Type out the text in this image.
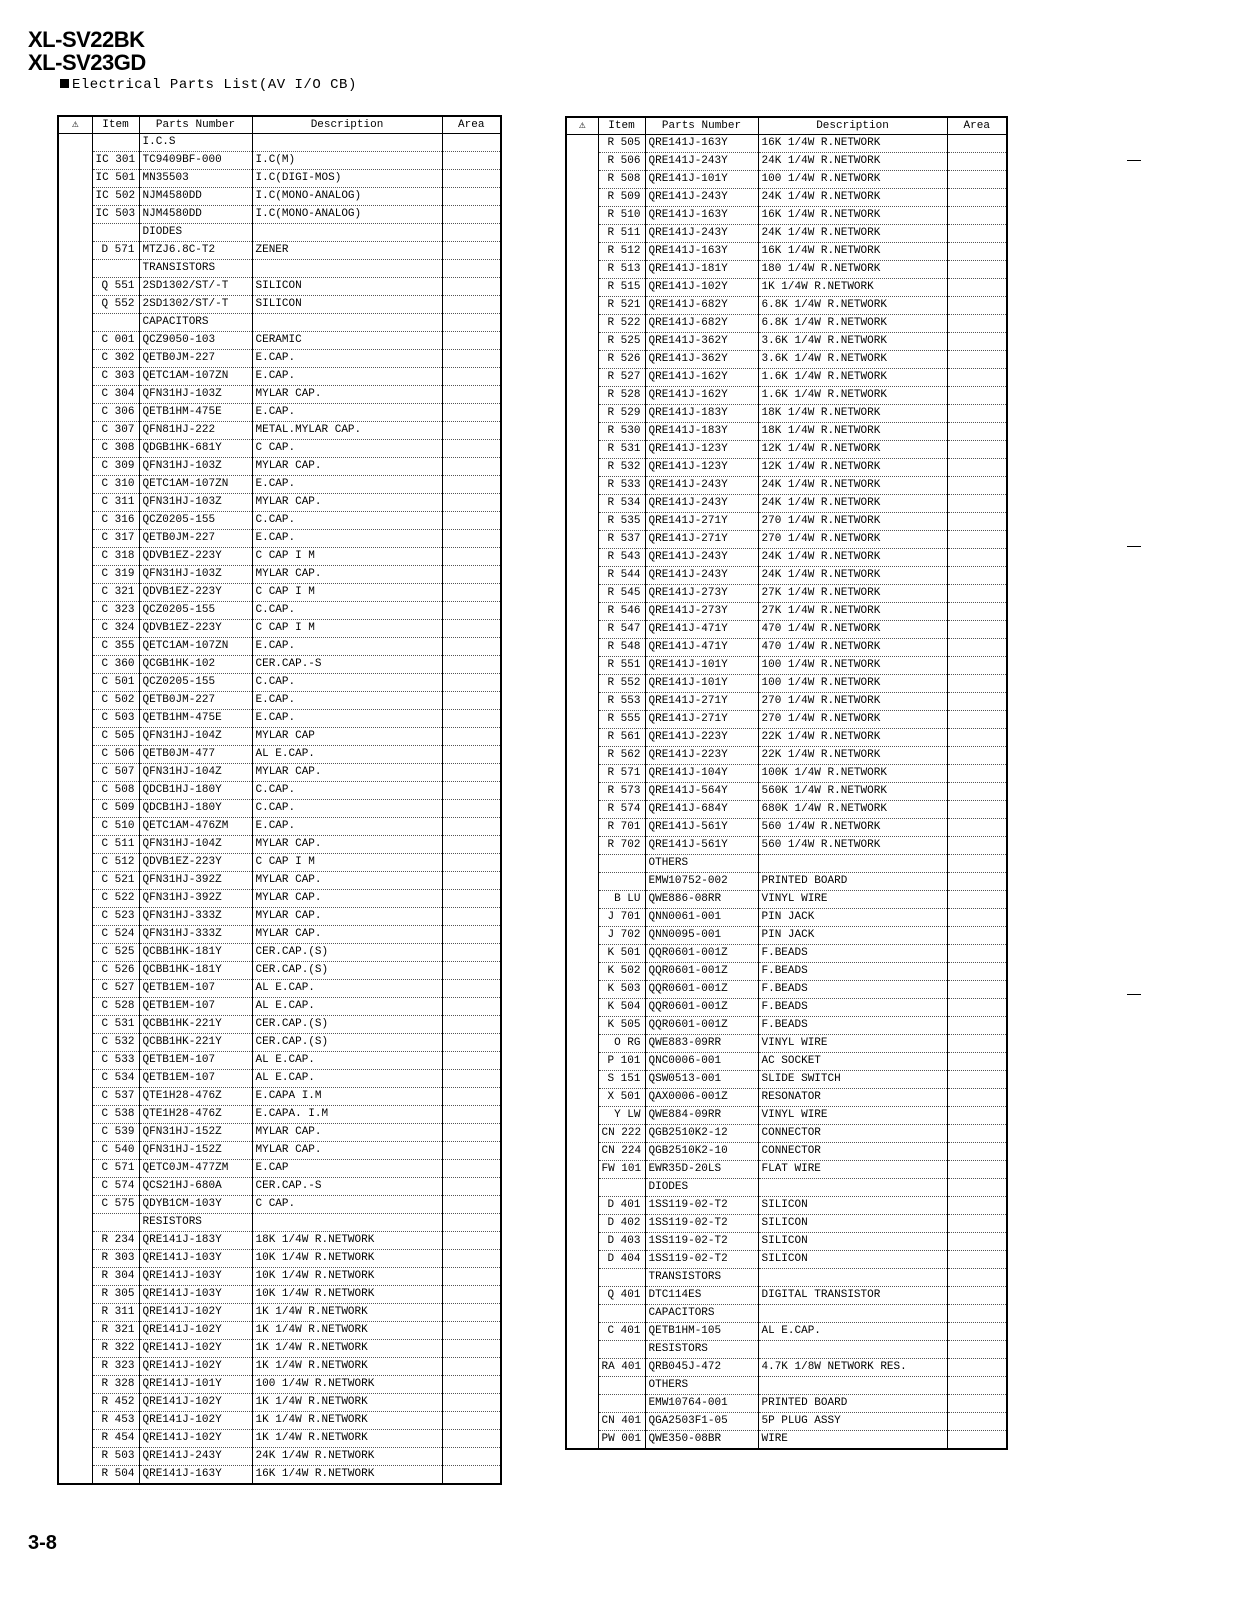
XL-SV22BK
XL-SV23GD
Electrical Parts List(AV I/O CB)
⚠	Item	Parts Number	Description	Area
		I.C.S		
	IC 301	TC9409BF-000	I.C(M)	
	IC 501	MN35503	I.C(DIGI-MOS)	
	IC 502	NJM4580DD	I.C(MONO-ANALOG)	
	IC 503	NJM4580DD	I.C(MONO-ANALOG)	
		DIODES		
	D 571	MTZJ6.8C-T2	ZENER	
		TRANSISTORS		
	Q 551	2SD1302/ST/-T	SILICON	
	Q 552	2SD1302/ST/-T	SILICON	
		CAPACITORS		
	C 001	QCZ9050-103	CERAMIC	
	C 302	QETB0JM-227	E.CAP.	
	C 303	QETC1AM-107ZN	E.CAP.	
	C 304	QFN31HJ-103Z	MYLAR CAP.	
	C 306	QETB1HM-475E	E.CAP.	
	C 307	QFN81HJ-222	METAL.MYLAR CAP.	
	C 308	QDGB1HK-681Y	C CAP.	
	C 309	QFN31HJ-103Z	MYLAR CAP.	
	C 310	QETC1AM-107ZN	E.CAP.	
	C 311	QFN31HJ-103Z	MYLAR CAP.	
	C 316	QCZ0205-155	C.CAP.	
	C 317	QETB0JM-227	E.CAP.	
	C 318	QDVB1EZ-223Y	C CAP I M	
	C 319	QFN31HJ-103Z	MYLAR CAP.	
	C 321	QDVB1EZ-223Y	C CAP I M	
	C 323	QCZ0205-155	C.CAP.	
	C 324	QDVB1EZ-223Y	C CAP I M	
	C 355	QETC1AM-107ZN	E.CAP.	
	C 360	QCGB1HK-102	CER.CAP.-S	
	C 501	QCZ0205-155	C.CAP.	
	C 502	QETB0JM-227	E.CAP.	
	C 503	QETB1HM-475E	E.CAP.	
	C 505	QFN31HJ-104Z	MYLAR CAP	
	C 506	QETB0JM-477	AL E.CAP.	
	C 507	QFN31HJ-104Z	MYLAR CAP.	
	C 508	QDCB1HJ-180Y	C.CAP.	
	C 509	QDCB1HJ-180Y	C.CAP.	
	C 510	QETC1AM-476ZM	E.CAP.	
	C 511	QFN31HJ-104Z	MYLAR CAP.	
	C 512	QDVB1EZ-223Y	C CAP I M	
	C 521	QFN31HJ-392Z	MYLAR CAP.	
	C 522	QFN31HJ-392Z	MYLAR CAP.	
	C 523	QFN31HJ-333Z	MYLAR CAP.	
	C 524	QFN31HJ-333Z	MYLAR CAP.	
	C 525	QCBB1HK-181Y	CER.CAP.(S)	
	C 526	QCBB1HK-181Y	CER.CAP.(S)	
	C 527	QETB1EM-107	AL E.CAP.	
	C 528	QETB1EM-107	AL E.CAP.	
	C 531	QCBB1HK-221Y	CER.CAP.(S)	
	C 532	QCBB1HK-221Y	CER.CAP.(S)	
	C 533	QETB1EM-107	AL E.CAP.	
	C 534	QETB1EM-107	AL E.CAP.	
	C 537	QTE1H28-476Z	E.CAPA I.M	
	C 538	QTE1H28-476Z	E.CAPA. I.M	
	C 539	QFN31HJ-152Z	MYLAR CAP.	
	C 540	QFN31HJ-152Z	MYLAR CAP.	
	C 571	QETC0JM-477ZM	E.CAP	
	C 574	QCS21HJ-680A	CER.CAP.-S	
	C 575	QDYB1CM-103Y	C CAP.	
		RESISTORS		
	R 234	QRE141J-183Y	18K 1/4W R.NETWORK	
	R 303	QRE141J-103Y	10K 1/4W R.NETWORK	
	R 304	QRE141J-103Y	10K 1/4W R.NETWORK	
	R 305	QRE141J-103Y	10K 1/4W R.NETWORK	
	R 311	QRE141J-102Y	1K 1/4W R.NETWORK	
	R 321	QRE141J-102Y	1K 1/4W R.NETWORK	
	R 322	QRE141J-102Y	1K 1/4W R.NETWORK	
	R 323	QRE141J-102Y	1K 1/4W R.NETWORK	
	R 328	QRE141J-101Y	100 1/4W R.NETWORK	
	R 452	QRE141J-102Y	1K 1/4W R.NETWORK	
	R 453	QRE141J-102Y	1K 1/4W R.NETWORK	
	R 454	QRE141J-102Y	1K 1/4W R.NETWORK	
	R 503	QRE141J-243Y	24K 1/4W R.NETWORK	
	R 504	QRE141J-163Y	16K 1/4W R.NETWORK	
⚠	Item	Parts Number	Description	Area
	R 505	QRE141J-163Y	16K 1/4W R.NETWORK	
	R 506	QRE141J-243Y	24K 1/4W R.NETWORK	
	R 508	QRE141J-101Y	100 1/4W R.NETWORK	
	R 509	QRE141J-243Y	24K 1/4W R.NETWORK	
	R 510	QRE141J-163Y	16K 1/4W R.NETWORK	
	R 511	QRE141J-243Y	24K 1/4W R.NETWORK	
	R 512	QRE141J-163Y	16K 1/4W R.NETWORK	
	R 513	QRE141J-181Y	180 1/4W R.NETWORK	
	R 515	QRE141J-102Y	1K 1/4W R.NETWORK	
	R 521	QRE141J-682Y	6.8K 1/4W R.NETWORK	
	R 522	QRE141J-682Y	6.8K 1/4W R.NETWORK	
	R 525	QRE141J-362Y	3.6K 1/4W R.NETWORK	
	R 526	QRE141J-362Y	3.6K 1/4W R.NETWORK	
	R 527	QRE141J-162Y	1.6K 1/4W R.NETWORK	
	R 528	QRE141J-162Y	1.6K 1/4W R.NETWORK	
	R 529	QRE141J-183Y	18K 1/4W R.NETWORK	
	R 530	QRE141J-183Y	18K 1/4W R.NETWORK	
	R 531	QRE141J-123Y	12K 1/4W R.NETWORK	
	R 532	QRE141J-123Y	12K 1/4W R.NETWORK	
	R 533	QRE141J-243Y	24K 1/4W R.NETWORK	
	R 534	QRE141J-243Y	24K 1/4W R.NETWORK	
	R 535	QRE141J-271Y	270 1/4W R.NETWORK	
	R 537	QRE141J-271Y	270 1/4W R.NETWORK	
	R 543	QRE141J-243Y	24K 1/4W R.NETWORK	
	R 544	QRE141J-243Y	24K 1/4W R.NETWORK	
	R 545	QRE141J-273Y	27K 1/4W R.NETWORK	
	R 546	QRE141J-273Y	27K 1/4W R.NETWORK	
	R 547	QRE141J-471Y	470 1/4W R.NETWORK	
	R 548	QRE141J-471Y	470 1/4W R.NETWORK	
	R 551	QRE141J-101Y	100 1/4W R.NETWORK	
	R 552	QRE141J-101Y	100 1/4W R.NETWORK	
	R 553	QRE141J-271Y	270 1/4W R.NETWORK	
	R 555	QRE141J-271Y	270 1/4W R.NETWORK	
	R 561	QRE141J-223Y	22K 1/4W R.NETWORK	
	R 562	QRE141J-223Y	22K 1/4W R.NETWORK	
	R 571	QRE141J-104Y	100K 1/4W R.NETWORK	
	R 573	QRE141J-564Y	560K 1/4W R.NETWORK	
	R 574	QRE141J-684Y	680K 1/4W R.NETWORK	
	R 701	QRE141J-561Y	560 1/4W R.NETWORK	
	R 702	QRE141J-561Y	560 1/4W R.NETWORK	
		OTHERS		
		EMW10752-002	PRINTED BOARD	
	B LU	QWE886-08RR	VINYL WIRE	
	J 701	QNN0061-001	PIN JACK	
	J 702	QNN0095-001	PIN JACK	
	K 501	QQR0601-001Z	F.BEADS	
	K 502	QQR0601-001Z	F.BEADS	
	K 503	QQR0601-001Z	F.BEADS	
	K 504	QQR0601-001Z	F.BEADS	
	K 505	QQR0601-001Z	F.BEADS	
	O RG	QWE883-09RR	VINYL WIRE	
	P 101	QNC0006-001	AC SOCKET	
	S 151	QSW0513-001	SLIDE SWITCH	
	X 501	QAX0006-001Z	RESONATOR	
	Y LW	QWE884-09RR	VINYL WIRE	
	CN 222	QGB2510K2-12	CONNECTOR	
	CN 224	QGB2510K2-10	CONNECTOR	
	FW 101	EWR35D-20LS	FLAT WIRE	
		DIODES		
	D 401	1SS119-02-T2	SILICON	
	D 402	1SS119-02-T2	SILICON	
	D 403	1SS119-02-T2	SILICON	
	D 404	1SS119-02-T2	SILICON	
		TRANSISTORS		
	Q 401	DTC114ES	DIGITAL TRANSISTOR	
		CAPACITORS		
	C 401	QETB1HM-105	AL E.CAP.	
		RESISTORS		
	RA 401	QRB045J-472	4.7K 1/8W NETWORK RES.	
		OTHERS		
		EMW10764-001	PRINTED BOARD	
	CN 401	QGA2503F1-05	5P PLUG ASSY	
	PW 001	QWE350-08BR	WIRE	
3-8
